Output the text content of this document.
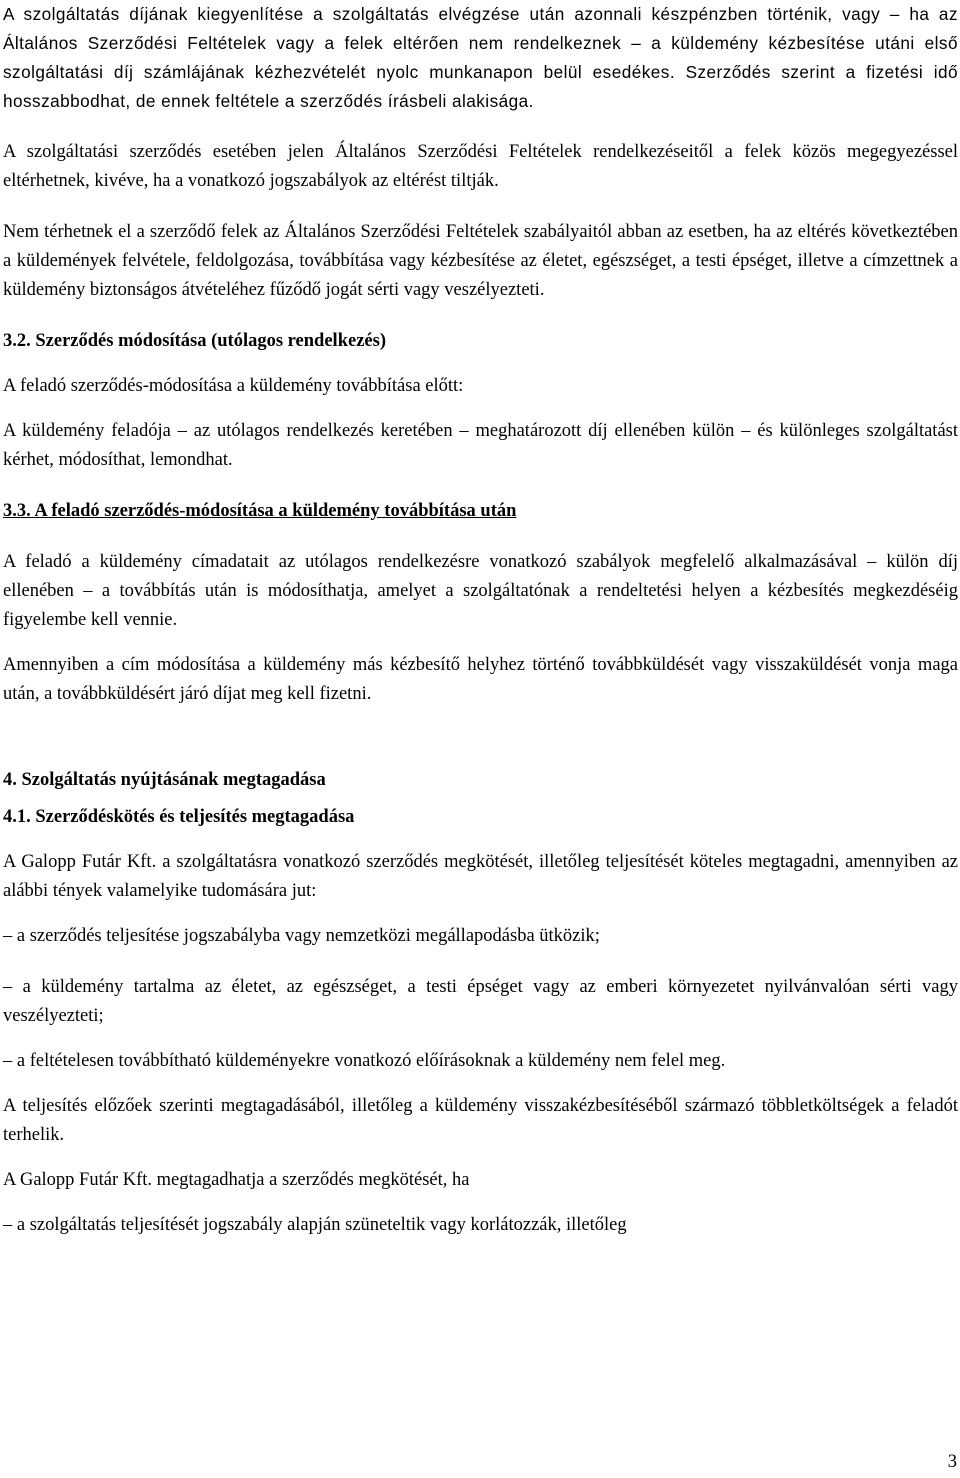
A szolgáltatás díjának kiegyenlítése a szolgáltatás elvégzése után azonnali készpénzben történik, vagy – ha az Általános Szerződési Feltételek vagy a felek eltérően nem rendelkeznek – a küldemény kézbesítése utáni első szolgáltatási díj számlájának kézhezvételét nyolc munkanapon belül esedékes. Szerződés szerint a fizetési idő hosszabbodhat, de ennek feltétele a szerződés írásbeli alakisága.

A szolgáltatási szerződés esetében jelen Általános Szerződési Feltételek rendelkezéseitől a felek közös megegyezéssel eltérhetnek, kivéve, ha a vonatkozó jogszabályok az eltérést tiltják.

Nem térhetnek el a szerződő felek az Általános Szerződési Feltételek szabályaitól abban az esetben, ha az eltérés következtében a küldemények felvétele, feldolgozása, továbbítása vagy kézbesítése az életet, egészséget, a testi épséget, illetve a címzettnek a küldemény biztonságos átvételéhez fűződő jogát sérti vagy veszélyezteti.

3.2. Szerződés módosítása (utólagos rendelkezés)

A feladó szerződés-módosítása a küldemény továbbítása előtt:

A küldemény feladója – az utólagos rendelkezés keretében – meghatározott díj ellenében külön – és különleges szolgáltatást kérhet, módosíthat, lemondhat.

3.3. A feladó szerződés-módosítása a küldemény továbbítása után

A feladó a küldemény címadatait az utólagos rendelkezésre vonatkozó szabályok megfelelő alkalmazásával – külön díj ellenében – a továbbítás után is módosíthatja, amelyet a szolgáltatónak a rendeltetési helyen a kézbesítés megkezdéséig figyelembe kell vennie.

Amennyiben a cím módosítása a küldemény más kézbesítő helyhez történő továbbküldését vagy visszaküldését vonja maga után, a továbbküldésért járó díjat meg kell fizetni.

4. Szolgáltatás nyújtásának megtagadása

4.1. Szerződéskötés és teljesítés megtagadása

A Galopp Futár Kft. a szolgáltatásra vonatkozó szerződés megkötését, illetőleg teljesítését köteles megtagadni, amennyiben az alábbi tények valamelyike tudomására jut:

– a szerződés teljesítése jogszabályba vagy nemzetközi megállapodásba ütközik;

– a küldemény tartalma az életet, az egészséget, a testi épséget vagy az emberi környezetet nyilvánvalóan sérti vagy veszélyezteti;

– a feltételesen továbbítható küldeményekre vonatkozó előírásoknak a küldemény nem felel meg.

A teljesítés előzőek szerinti megtagadásából, illetőleg a küldemény visszakézbesítéséből származó többletköltségek a feladót terhelik.

A Galopp Futár Kft. megtagadhatja a szerződés megkötését, ha

– a szolgáltatás teljesítését jogszabály alapján szüneteltik vagy korlátozzák, illetőleg

3
